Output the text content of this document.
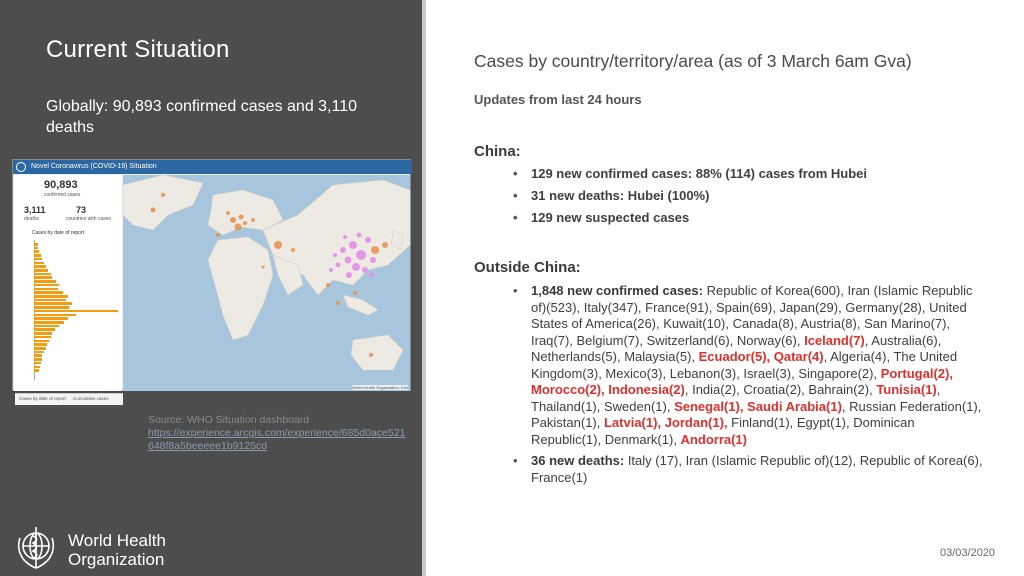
Current Situation
Globally: 90,893 confirmed cases and 3,110 deaths
Novel Coronavirus (COVID-19) Situation
90,893
confirmed cases
3,111
deaths
73
countries with cases
Cases by date of report
Cases by date of report Cumulative cases
World Health Organization, Esri
Source: WHO Situation dashboard
https://experience.arcgis.com/experience/685d0ace521648f8a5beeeee1b9125cd
World Health
Organization
Cases by country/territory/area (as of 3 March 6am Gva)
Updates from last 24 hours
China:
• 129 new confirmed cases: 88% (114) cases from Hubei
• 31 new deaths: Hubei (100%)
• 129 new suspected cases
Outside China:
• 1,848 new confirmed cases: Republic of Korea(600), Iran (Islamic Republic of)(523), Italy(347), France(91), Spain(69), Japan(29), Germany(28), United States of America(26), Kuwait(10), Canada(8), Austria(8), San Marino(7), Iraq(7), Belgium(7), Switzerland(6), Norway(6), Iceland(7), Australia(6), Netherlands(5), Malaysia(5), Ecuador(5), Qatar(4), Algeria(4), The United Kingdom(3), Mexico(3), Lebanon(3), Israel(3), Singapore(2), Portugal(2), Morocco(2), Indonesia(2), India(2), Croatia(2), Bahrain(2), Tunisia(1), Thailand(1), Sweden(1), Senegal(1), Saudi Arabia(1), Russian Federation(1), Pakistan(1), Latvia(1), Jordan(1), Finland(1), Egypt(1), Dominican Republic(1), Denmark(1), Andorra(1)
• 36 new deaths: Italy (17), Iran (Islamic Republic of)(12), Republic of Korea(6), France(1)
03/03/2020
